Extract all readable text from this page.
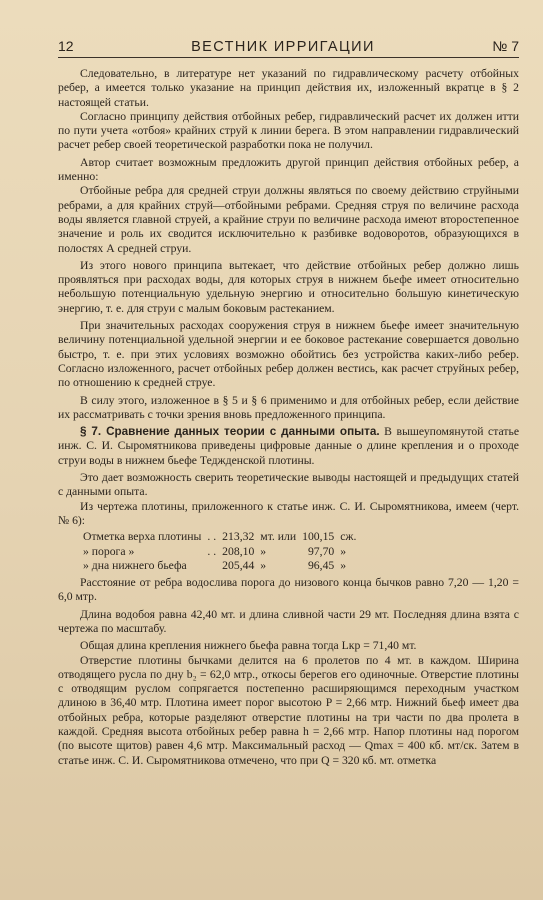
12	ВЕСТНИК ИРРИГАЦИИ	№ 7

Следовательно, в литературе нет указаний по гидравлическому расчету отбойных ребер, а имеется только указание на принцип действия их, изложенный вкратце в § 2 настоящей статьи.

Согласно принципу действия отбойных ребер, гидравлический расчет их должен итти по пути учета «отбоя» крайних струй к линии берега. В этом направлении гидравлический расчет ребер своей теоретической разработки пока не получил.

Автор считает возможным предложить другой принцип действия отбойных ребер, а именно:

Отбойные ребра для средней струи должны являться по своему действию струйными ребрами, а для крайних струй—отбойными ребрами. Средняя струя по величине расхода воды является главной струей, а крайние струи по величине расхода имеют второстепенное значение и роль их сводится исключительно к разбивке водоворотов, образующихся в полостях А средней струи.

Из этого нового принципа вытекает, что действие отбойных ребер должно лишь проявляться при расходах воды, для которых струя в нижнем бьефе имеет относительно небольшую потенциальную удельную энергию и относительно большую кинетическую энергию, т. е. для струи с малым боковым растеканием.

При значительных расходах сооружения струя в нижнем бьефе имеет значительную величину потенциальной удельной энергии и ее боковое растекание совершается довольно быстро, т. е. при этих условиях возможно обойтись без устройства каких-либо ребер. Согласно изложенного, расчет отбойных ребер должен вестись, как расчет струйных ребер, по отношению к средней струе.

В силу этого, изложенное в § 5 и § 6 применимо и для отбойных ребер, если действие их рассматривать с точки зрения вновь предложенного принципа.

§ 7. Сравнение данных теории с данными опыта. В вышеупомянутой статье инж. С. И. Сыромятникова приведены цифровые данные о длине крепления и о проходе струи воды в нижнем бьефе Теджденской плотины.

Это дает возможность сверить теоретические выводы настоящей и предыдущих статей с данными опыта.

Из чертежа плотины, приложенного к статье инж. С. И. Сыромятникова, имеем (черт. № 6):

Отметка верха плотины	. .	213,32	мт. или	100,15	сж.
» порога »	. .	208,10	»	97,70	»
» дна нижнего бьефа		205,44	»	96,45	»

Расстояние от ребра водослива порога до низового конца бычков равно 7,20 — 1,20 = 6,0 мтр.

Длина водобоя равна 42,40 мт. и длина сливной части 29 мт. Последняя длина взята с чертежа по масштабу.

Общая длина крепления нижнего бьефа равна тогда Lкр = 71,40 мт.

Отверстие плотины бычками делится на 6 пролетов по 4 мт. в каждом. Ширина отводящего русла по дну b₂ = 62,0 мтр., откосы берегов его одиночные. Отверстие плотины с отводящим руслом сопрягается постепенно расширяющимся переходным участком длиною в 36,40 мтр. Плотина имеет порог высотою P = 2,66 мтр. Нижний бьеф имеет два отбойных ребра, которые разделяют отверстие плотины на три части по два пролета в каждой. Средняя высота отбойных ребер равна h = 2,66 мтр. Напор плотины над порогом (по высоте щитов) равен 4,6 мтр. Максимальный расход — Qmax = 400 кб. мт/ск. Затем в статье инж. С. И. Сыромятникова отмечено, что при Q = 320 кб. мт. отметка
